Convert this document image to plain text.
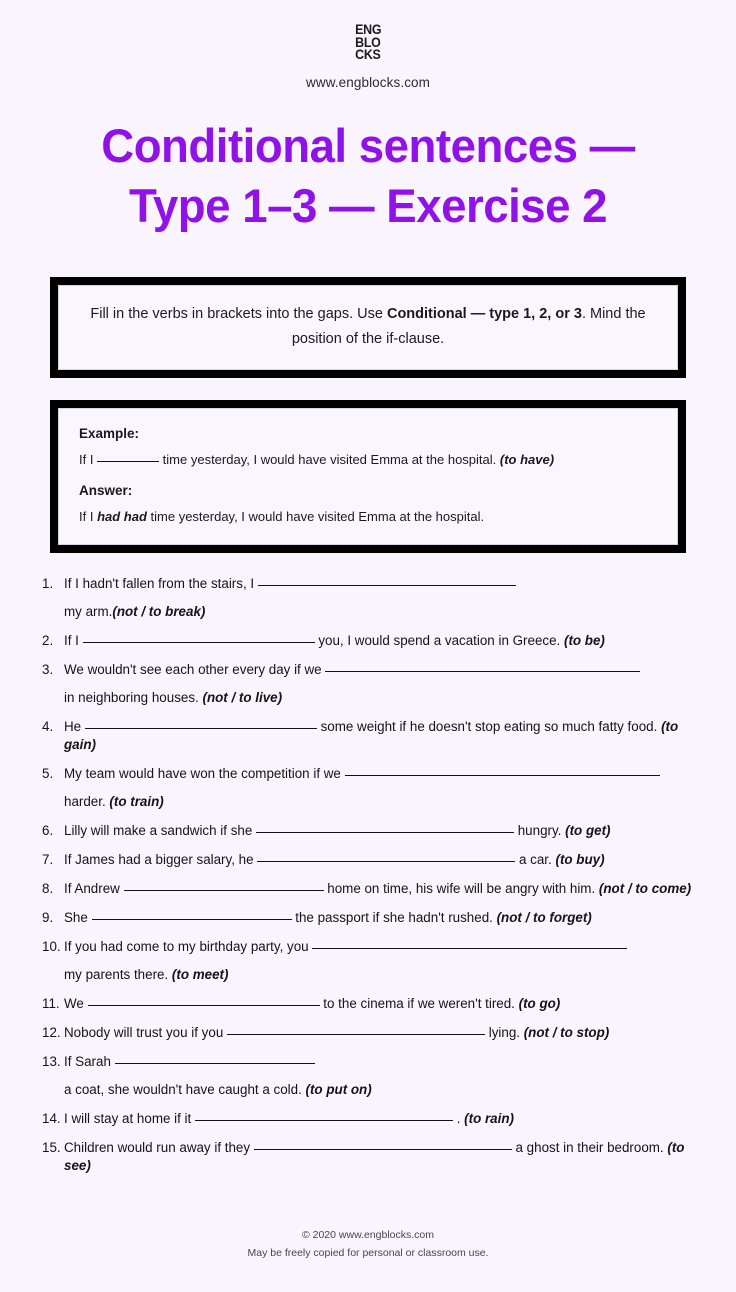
ENG
BLO
CKS
www.engblocks.com
Conditional sentences —
Type 1–3 — Exercise 2
Fill in the verbs in brackets into the gaps. Use Conditional — type 1, 2, or 3. Mind the position of the if-clause.
Example:
If I	time yesterday, I would have visited Emma at the hospital. (to have)
Answer:
If I had had time yesterday, I would have visited Emma at the hospital.
1. If I hadn't fallen from the stairs, I
my arm.(not / to break)
2. If I	you, I would spend a vacation in Greece. (to be)
3. We wouldn't see each other every day if we
in neighboring houses. (not / to live)
4. He	some weight if he doesn't stop eating so much fatty food. (to gain)
5. My team would have won the competition if we
harder. (to train)
6. Lilly will make a sandwich if she	hungry. (to get)
7. If James had a bigger salary, he	a car. (to buy)
8. If Andrew	home on time, his wife will be angry with him. (not / to come)
9. She	the passport if she hadn't rushed. (not / to forget)
10. If you had come to my birthday party, you
my parents there. (to meet)
11. We	to the cinema if we weren't tired. (to go)
12. Nobody will trust you if you	lying. (not / to stop)
13. If Sarah
a coat, she wouldn't have caught a cold. (to put on)
14. I will stay at home if it	. (to rain)
15. Children would run away if they	a ghost in their bedroom. (to see)
© 2020 www.engblocks.com
May be freely copied for personal or classroom use.
